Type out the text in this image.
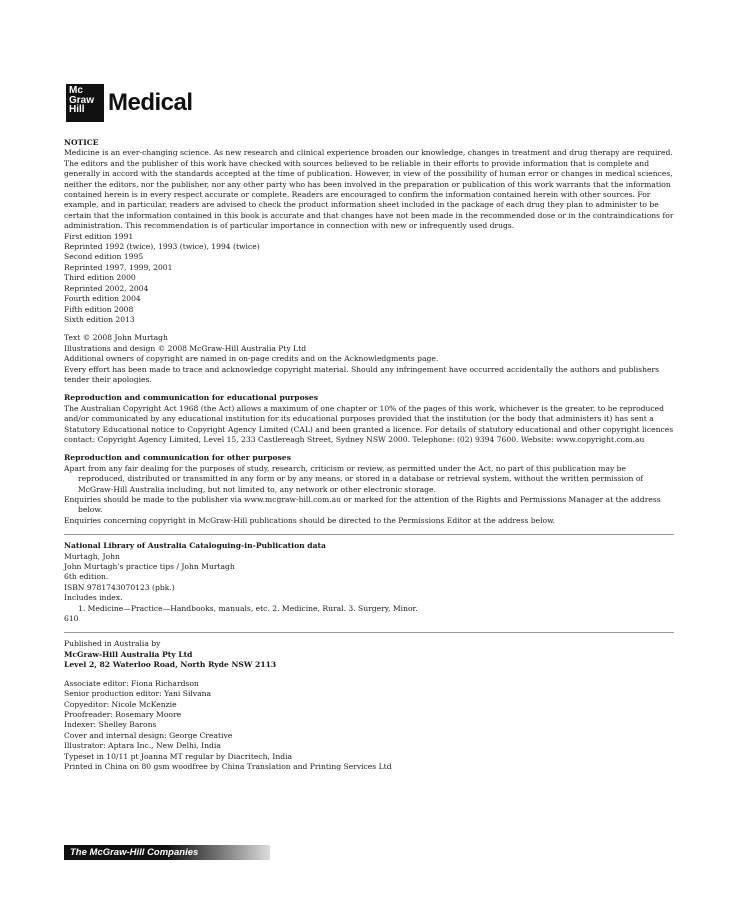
Mc
Graw
Hill Medical

NOTICE

Medicine is an ever-changing science. As new research and clinical experience broaden our knowledge, changes in treatment and drug therapy are required. The editors and the publisher of this work have checked with sources believed to be reliable in their efforts to provide information that is complete and generally in accord with the standards accepted at the time of publication. However, in view of the possibility of human error or changes in medical sciences, neither the editors, nor the publisher, nor any other party who has been involved in the preparation or publication of this work warrants that the information contained herein is in every respect accurate or complete. Readers are encouraged to confirm the information contained herein with other sources. For example, and in particular, readers are advised to check the product information sheet included in the package of each drug they plan to administer to be certain that the information contained in this book is accurate and that changes have not been made in the recommended dose or in the contraindications for administration. This recommendation is of particular importance in connection with new or infrequently used drugs.

First edition 1991
Reprinted 1992 (twice), 1993 (twice), 1994 (twice)
Second edition 1995
Reprinted 1997, 1999, 2001
Third edition 2000
Reprinted 2002, 2004
Fourth edition 2004
Fifth edition 2008
Sixth edition 2013

Text © 2008 John Murtagh

Illustrations and design © 2008 McGraw-Hill Australia Pty Ltd

Additional owners of copyright are named in on-page credits and on the Acknowledgments page.

Every effort has been made to trace and acknowledge copyright material. Should any infringement have occurred accidentally the authors and publishers tender their apologies.

Reproduction and communication for educational purposes

The Australian Copyright Act 1968 (the Act) allows a maximum of one chapter or 10% of the pages of this work, whichever is the greater, to be reproduced and/or communicated by any educational institution for its educational purposes provided that the institution (or the body that administers it) has sent a Statutory Educational notice to Copyright Agency Limited (CAL) and been granted a licence. For details of statutory educational and other copyright licences contact: Copyright Agency Limited, Level 15, 233 Castlereagh Street, Sydney NSW 2000. Telephone: (02) 9394 7600. Website: www.copyright.com.au

Reproduction and communication for other purposes

Apart from any fair dealing for the purposes of study, research, criticism or review, as permitted under the Act, no part of this publication may be reproduced, distributed or transmitted in any form or by any means, or stored in a database or retrieval system, without the written permission of McGraw-Hill Australia including, but not limited to, any network or other electronic storage.

Enquiries should be made to the publisher via www.mcgraw-hill.com.au or marked for the attention of the Rights and Permissions Manager at the address below.

Enquiries concerning copyright in McGraw-Hill publications should be directed to the Permissions Editor at the address below.

National Library of Australia Cataloguing-in-Publication data

Murtagh, John

John Murtagh's practice tips / John Murtagh

6th edition.

ISBN 9781743070123 (pbk.)

Includes index.

1. Medicine—Practice—Handbooks, manuals, etc. 2. Medicine, Rural. 3. Surgery, Minor.

610

Published in Australia by

McGraw-Hill Australia Pty Ltd

Level 2, 82 Waterloo Road, North Ryde NSW 2113

Associate editor: Fiona Richardson

Senior production editor: Yani Silvana

Copyeditor: Nicole McKenzie

Proofreader: Rosemary Moore

Indexer: Shelley Barons

Cover and internal design: George Creative

Illustrator: Aptara Inc., New Delhi, India

Typeset in 10/11 pt Joanna MT regular by Diacritech, India

Printed in China on 80 gsm woodfree by China Translation and Printing Services Ltd

The McGraw-Hill Companies
